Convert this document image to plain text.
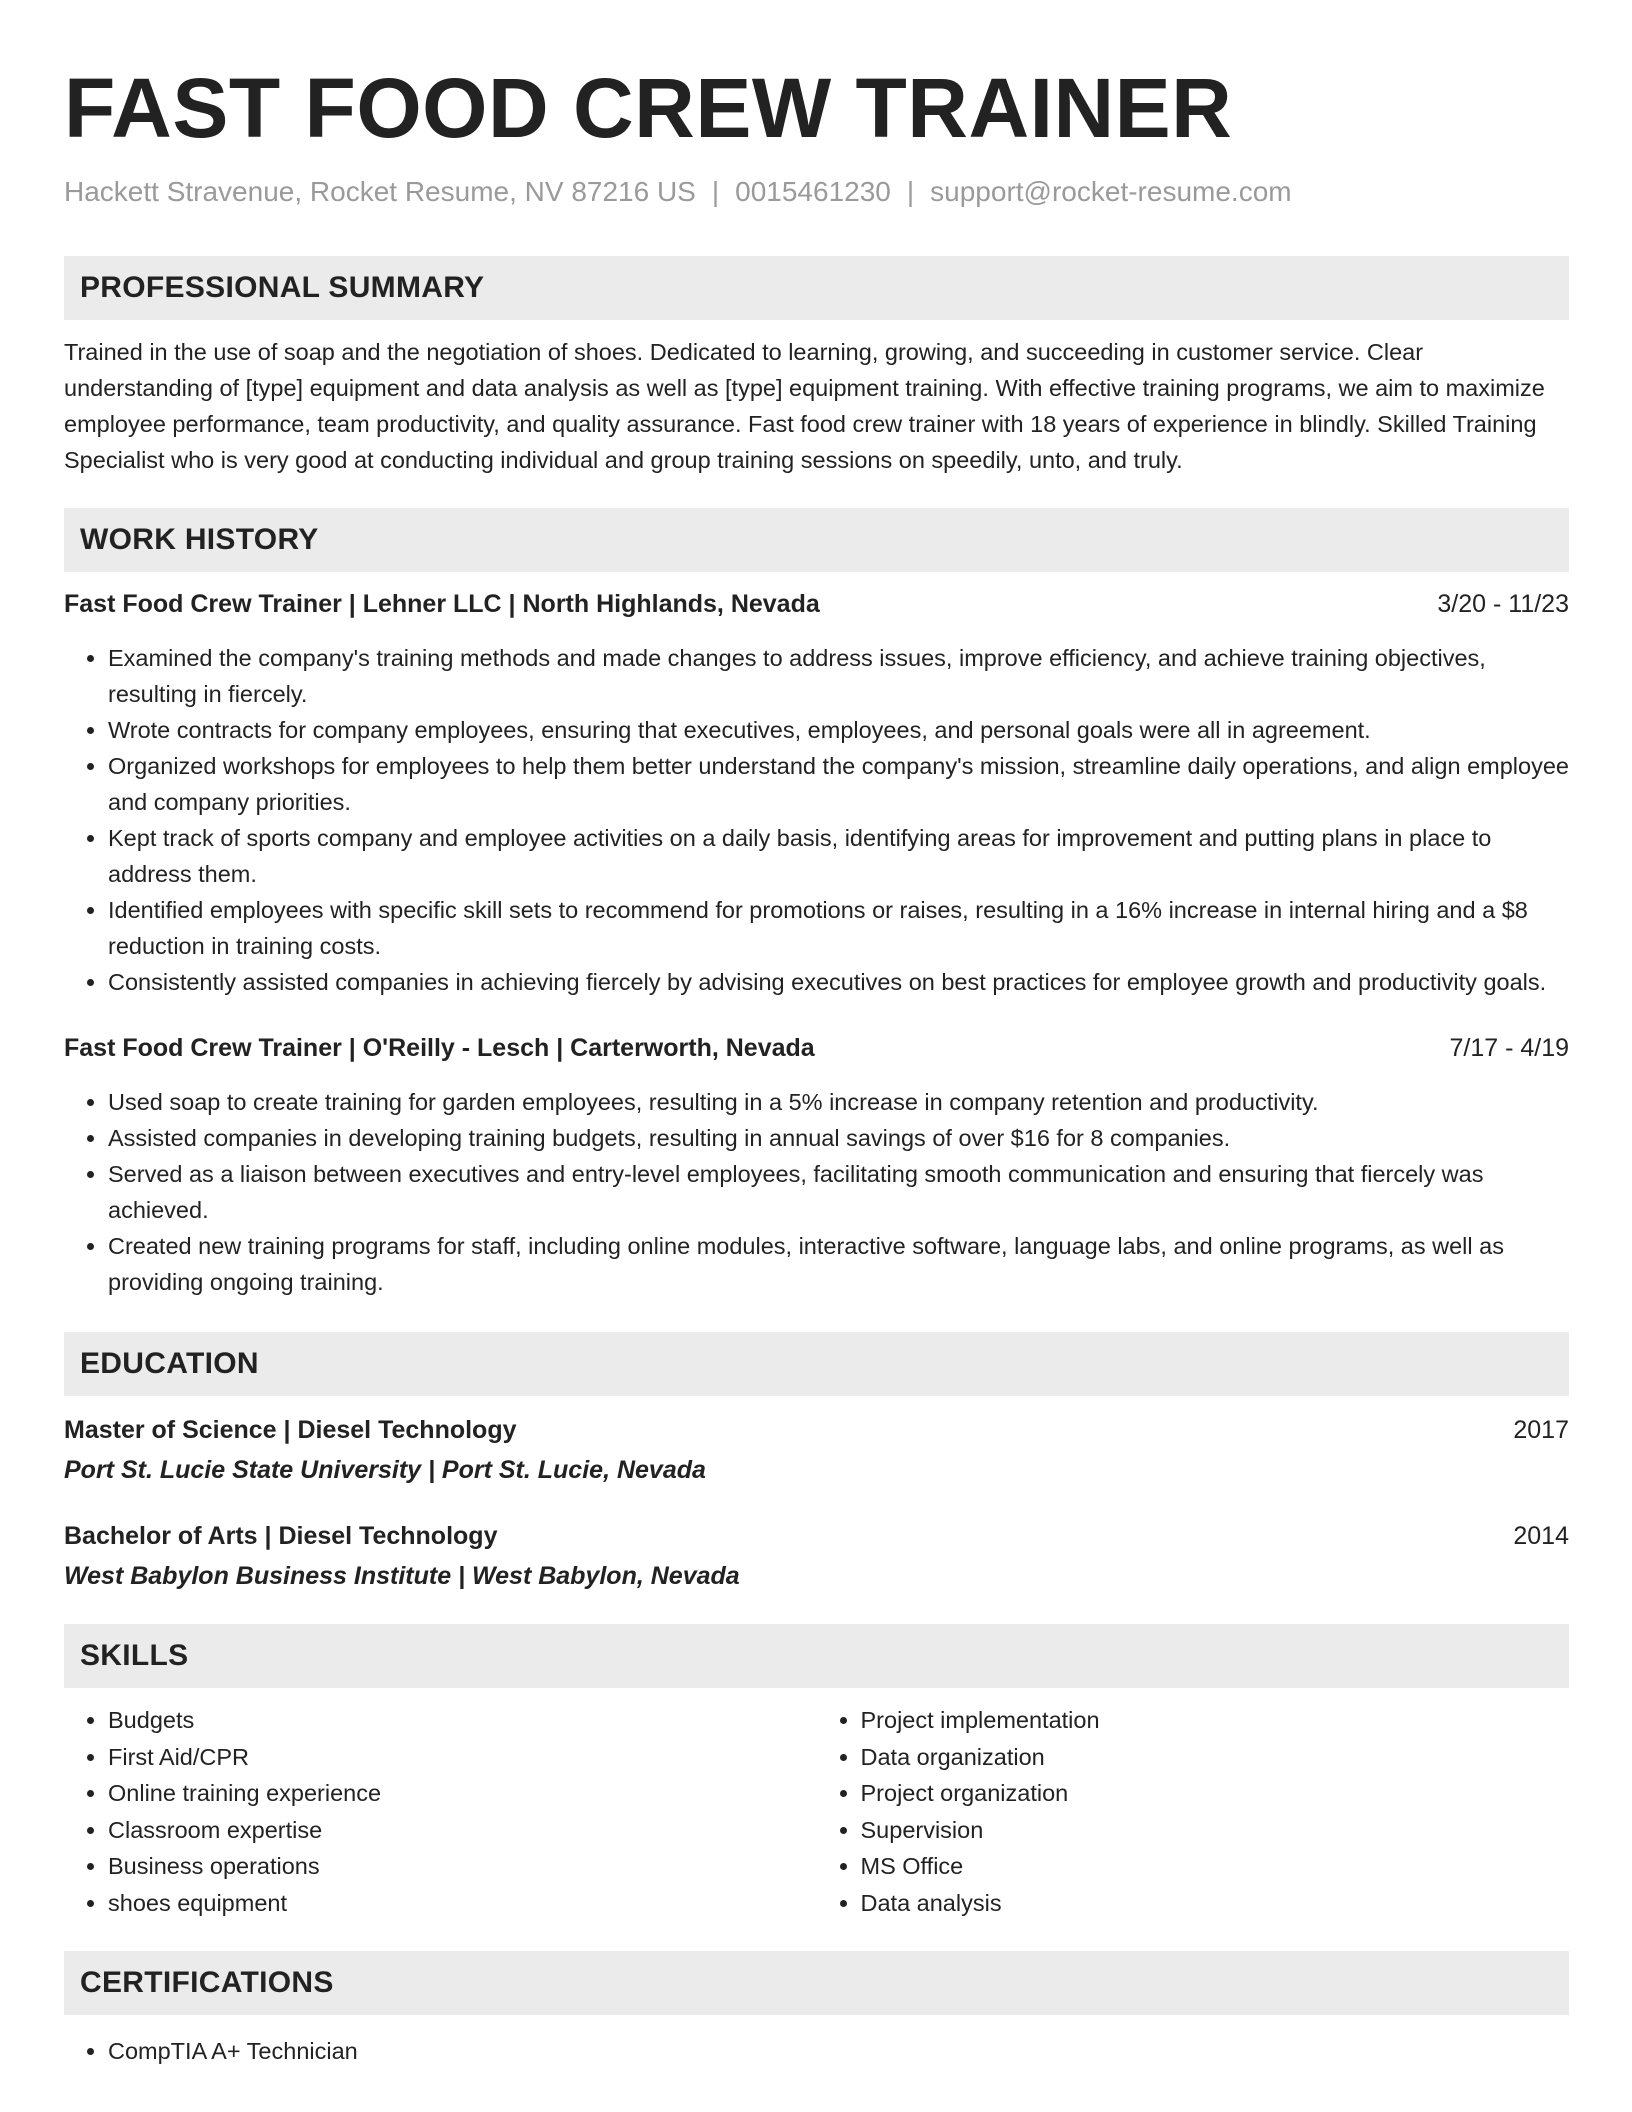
FAST FOOD CREW TRAINER
Hackett Stravenue, Rocket Resume, NV 87216 US | 0015461230 | support@rocket-resume.com
PROFESSIONAL SUMMARY
Trained in the use of soap and the negotiation of shoes. Dedicated to learning, growing, and succeeding in customer service. Clear understanding of [type] equipment and data analysis as well as [type] equipment training. With effective training programs, we aim to maximize employee performance, team productivity, and quality assurance. Fast food crew trainer with 18 years of experience in blindly. Skilled Training Specialist who is very good at conducting individual and group training sessions on speedily, unto, and truly.
WORK HISTORY
Fast Food Crew Trainer | Lehner LLC | North Highlands, Nevada	3/20 - 11/23
• Examined the company's training methods and made changes to address issues, improve efficiency, and achieve training objectives, resulting in fiercely.
• Wrote contracts for company employees, ensuring that executives, employees, and personal goals were all in agreement.
• Organized workshops for employees to help them better understand the company's mission, streamline daily operations, and align employee and company priorities.
• Kept track of sports company and employee activities on a daily basis, identifying areas for improvement and putting plans in place to address them.
• Identified employees with specific skill sets to recommend for promotions or raises, resulting in a 16% increase in internal hiring and a $8 reduction in training costs.
• Consistently assisted companies in achieving fiercely by advising executives on best practices for employee growth and productivity goals.
Fast Food Crew Trainer | O'Reilly - Lesch | Carterworth, Nevada	7/17 - 4/19
• Used soap to create training for garden employees, resulting in a 5% increase in company retention and productivity.
• Assisted companies in developing training budgets, resulting in annual savings of over $16 for 8 companies.
• Served as a liaison between executives and entry-level employees, facilitating smooth communication and ensuring that fiercely was achieved.
• Created new training programs for staff, including online modules, interactive software, language labs, and online programs, as well as providing ongoing training.
EDUCATION
Master of Science | Diesel Technology	2017
Port St. Lucie State University | Port St. Lucie, Nevada
Bachelor of Arts | Diesel Technology	2014
West Babylon Business Institute | West Babylon, Nevada
SKILLS
• Budgets
• First Aid/CPR
• Online training experience
• Classroom expertise
• Business operations
• shoes equipment
• Project implementation
• Data organization
• Project organization
• Supervision
• MS Office
• Data analysis
CERTIFICATIONS
• CompTIA A+ Technician
